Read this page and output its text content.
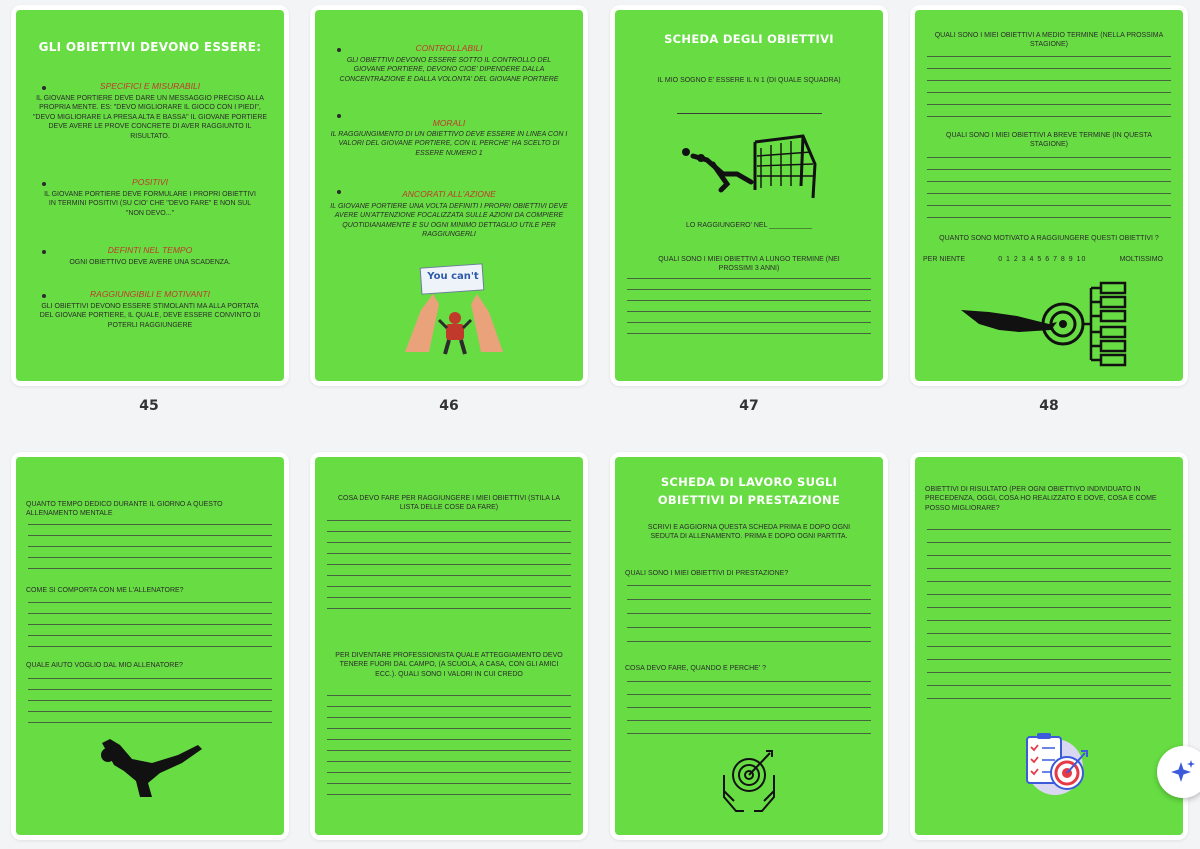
GLI OBIETTIVI DEVONO ESSERE:
SPECIFICI E MISURABILI
IL GIOVANE PORTIERE DEVE DARE UN MESSAGGIO PRECISO ALLA PROPRIA MENTE. ES: "DEVO MIGLIORARE IL GIOCO CON I PIEDI", "DEVO MIGLIORARE LA PRESA ALTA E BASSA" IL GIOVANE PORTIERE DEVE AVERE LE PROVE CONCRETE DI AVER RAGGIUNTO IL RISULTATO.
POSITIVI
IL GIOVANE PORTIERE DEVE FORMULARE I PROPRI OBIETTIVI IN TERMINI POSITIVI (SU CIO' CHE "DEVO FARE" E NON SUL "NON DEVO..."
DEFINTI NEL TEMPO
OGNI OBIETTIVO DEVE AVERE UNA SCADENZA.
RAGGIUNGIBILI E MOTIVANTI
GLI OBIETTIVI DEVONO ESSERE STIMOLANTI MA ALLA PORTATA DEL GIOVANE PORTIERE, IL QUALE, DEVE ESSERE CONVINTO DI POTERLI RAGGIUNGERE
45
CONTROLLABILI
GLI OBIETTIVI DEVONO ESSERE SOTTO IL CONTROLLO DEL GIOVANE PORTIERE, DEVONO CIOE' DIPENDERE DALLA CONCENTRAZIONE E DALLA VOLONTA' DEL GIOVANE PORTIERE
MORALI
IL RAGGIUNGIMENTO DI UN OBIETTIVO DEVE ESSERE IN LINEA CON I VALORI DEL GIOVANE PORTIERE, CON IL PERCHE' HA SCELTO DI ESSERE NUMERO 1
ANCORATI ALL'AZIONE
IL GIOVANE PORTIERE UNA VOLTA DEFINITI I PROPRI OBIETTIVI DEVE AVERE UN'ATTENZIONE FOCALIZZATA SULLE AZIONI DA COMPIERE QUOTIDIANAMENTE E SU OGNI MINIMO DETTAGLIO UTILE PER RAGGIUNGERLI
You can't
46
SCHEDA DEGLI OBIETTIVI
IL MIO SOGNO E' ESSERE IL N 1 (DI QUALE SQUADRA)
LO RAGGIUNGERO' NEL ___________
QUALI SONO I MIEI OBIETTIVI A LUNGO TERMINE (NEI PROSSIMI 3 ANNI)
47
QUALI SONO I MIEI OBIETTIVI A MEDIO TERMINE (NELLA PROSSIMA STAGIONE)
QUALI SONO I MIEI OBIETTIVI A BREVE TERMINE (IN QUESTA STAGIONE)
QUANTO SONO MOTIVATO A RAGGIUNGERE QUESTI OBIETTIVI ?
PER NIENTE	0 1 2 3 4 5 6 7 8 9 10	MOLTISSIMO
48
QUANTO TEMPO DEDICO DURANTE IL GIORNO A QUESTO ALLENAMENTO MENTALE
COME SI COMPORTA CON ME L'ALLENATORE?
QUALE AIUTO VOGLIO DAL MIO ALLENATORE?
COSA DEVO FARE PER RAGGIUNGERE I MIEI OBIETTIVI (STILA LA LISTA DELLE COSE DA FARE)
PER DIVENTARE PROFESSIONISTA QUALE ATTEGGIAMENTO DEVO TENERE FUORI DAL CAMPO, (A SCUOLA, A CASA, CON GLI AMICI ECC.). QUALI SONO I VALORI IN CUI CREDO
SCHEDA DI LAVORO SUGLI
OBIETTIVI DI PRESTAZIONE
SCRIVI E AGGIORNA QUESTA SCHEDA PRIMA E DOPO OGNI SEDUTA DI ALLENAMENTO. PRIMA E DOPO OGNI PARTITA.
QUALI SONO I MIEI OBIETTIVI DI PRESTAZIONE?
COSA DEVO FARE, QUANDO E PERCHE' ?
OBIETTIVI DI RISULTATO (PER OGNI OBIETTIVO INDIVIDUATO IN PRECEDENZA, OGGI, COSA HO REALIZZATO E DOVE, COSA E COME POSSO MIGLIORARE?
